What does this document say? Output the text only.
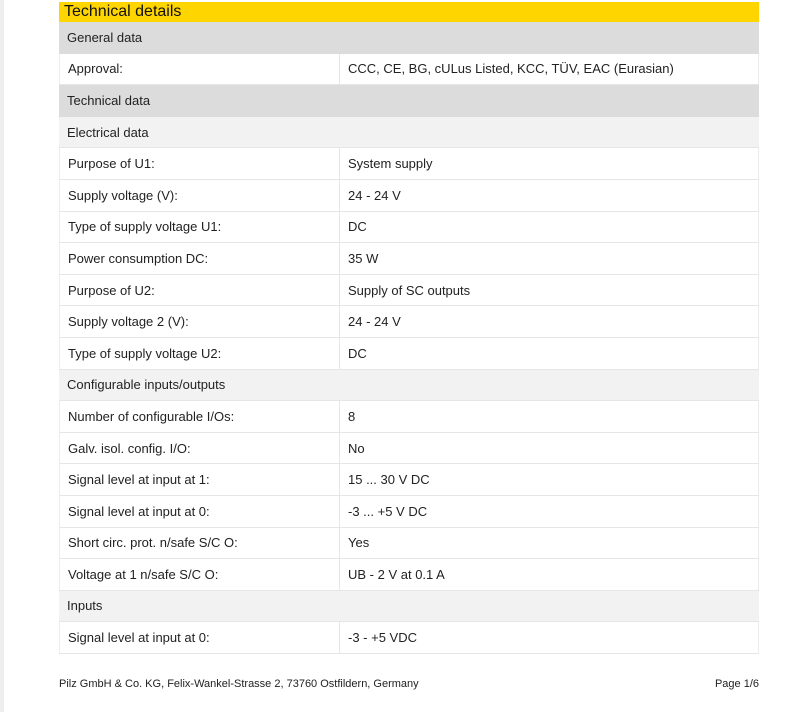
Technical details
General data
Approval:	CCC, CE, BG, cULus Listed, KCC, TÜV, EAC (Eurasian)
Technical data
Electrical data
Purpose of U1:	System supply
Supply voltage (V):	24 - 24 V
Type of supply voltage U1:	DC
Power consumption DC:	35 W
Purpose of U2:	Supply of SC outputs
Supply voltage 2 (V):	24 - 24 V
Type of supply voltage U2:	DC
Configurable inputs/outputs
Number of configurable I/Os:	8
Galv. isol. config. I/O:	No
Signal level at input at 1:	15 ... 30 V DC
Signal level at input at 0:	-3 ... +5 V DC
Short circ. prot. n/safe S/C O:	Yes
Voltage at 1 n/safe S/C O:	UB - 2 V at 0.1 A
Inputs
Signal level at input at 0:	-3 - +5 VDC
Pilz GmbH & Co. KG, Felix-Wankel-Strasse 2, 73760 Ostfildern, Germany	Page 1/6
